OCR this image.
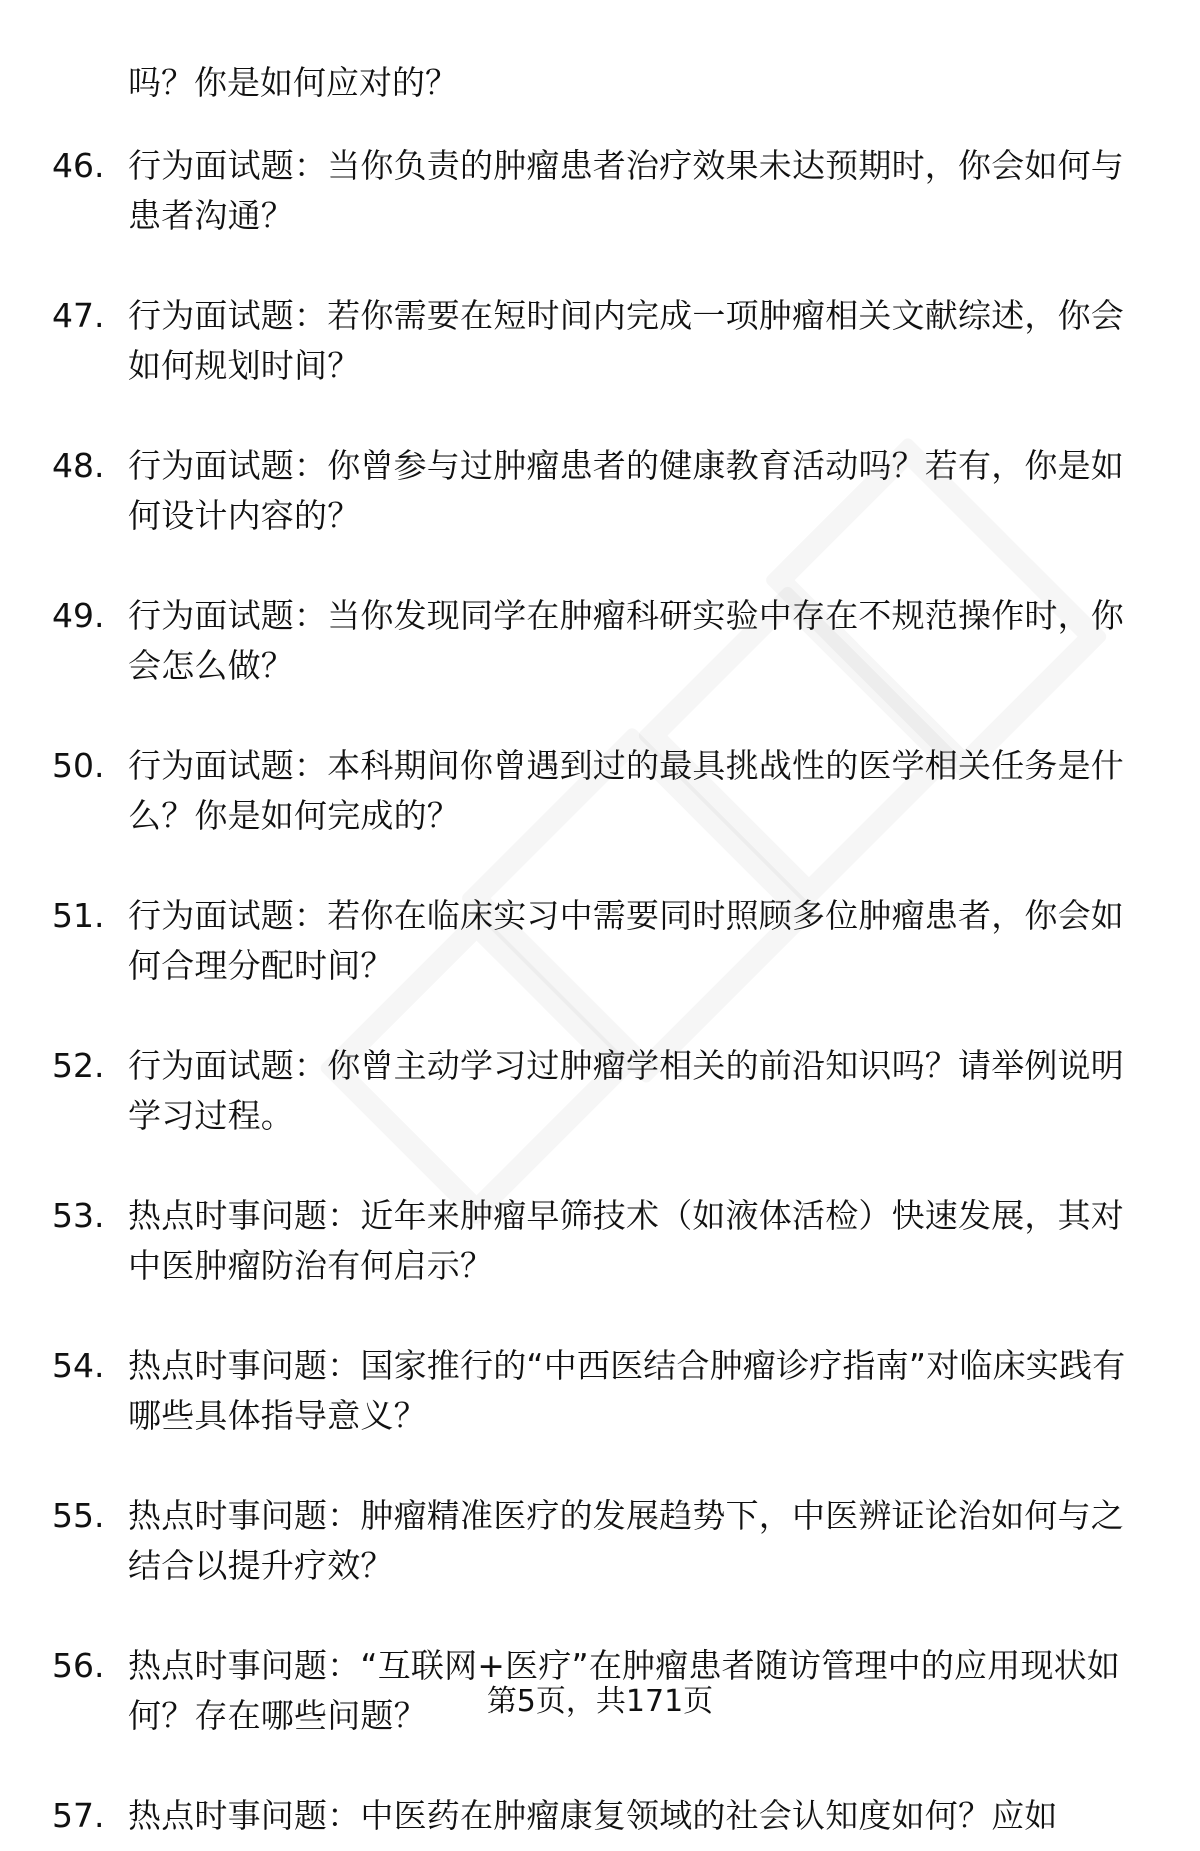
吗？你是如何应对的？
46. 行为面试题：当你负责的肿瘤患者治疗效果未达预期时，你会如何与患者沟通？
47. 行为面试题：若你需要在短时间内完成一项肿瘤相关文献综述，你会如何规划时间？
48. 行为面试题：你曾参与过肿瘤患者的健康教育活动吗？若有，你是如何设计内容的？
49. 行为面试题：当你发现同学在肿瘤科研实验中存在不规范操作时，你会怎么做？
50. 行为面试题：本科期间你曾遇到过的最具挑战性的医学相关任务是什么？你是如何完成的？
51. 行为面试题：若你在临床实习中需要同时照顾多位肿瘤患者，你会如何合理分配时间？
52. 行为面试题：你曾主动学习过肿瘤学相关的前沿知识吗？请举例说明学习过程。
53. 热点时事问题：近年来肿瘤早筛技术（如液体活检）快速发展，其对中医肿瘤防治有何启示？
54. 热点时事问题：国家推行的“中西医结合肿瘤诊疗指南”对临床实践有哪些具体指导意义？
55. 热点时事问题：肿瘤精准医疗的发展趋势下，中医辨证论治如何与之结合以提升疗效？
56. 热点时事问题：“互联网+医疗”在肿瘤患者随访管理中的应用现状如何？存在哪些问题？
57. 热点时事问题：中医药在肿瘤康复领域的社会认知度如何？应如
第5页，共171页
